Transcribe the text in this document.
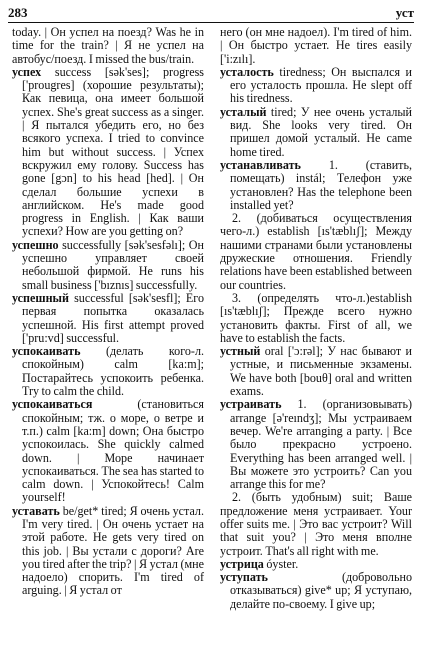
283	уст

today. | Он успел на поезд? Was he in time for the train? | Я не успел на автобус/поезд. I missed the bus/train.

успех success [sək'ses]; progress ['prougres] (хорошие результаты); Как певица, она имеет большой успех. She's great success as a singer. | Я пытался убедить его, но без всякого успеха. I tried to convince him but without success. | Успех вскружил ему голову. Success has gone [gɔn] to his head [hed]. | Он сделал большие успехи в английском. He's made good progress in English. | Как ваши успехи? How are you getting on?

успешно successfully [sək'sesfəlı]; Он успешно управляет своей небольшой фирмой. He runs his small business ['bıznıs] successfully.

успешный successful [sək'sesfl]; Его первая попытка оказалась успешной. His first attempt proved ['pru:vd] successful.

успокаивать (делать кого-л. спокойным) calm [ka:m]; Постарайтесь успокоить ребенка. Try to calm the child.

успокаиваться	(становиться спокойным; тж. о море, о ветре и т.п.) calm [ka:m] down; Она быстро успокоилась. She quickly calmed down. | Море начинает успокаиваться. The sea has started to calm down. | Успокойтесь! Calm yourself!

уставать be/get* tired; Я очень устал. I'm very tired. | Он очень устает на этой работе. He gets very tired on this job. | Вы устали с дороги? Are you tired after the trip? | Я устал (мне надоело) спорить. I'm tired of arguing. | Я устал от

него (он мне надоел). I'm tired of him. | Он быстро устает. He tires easily ['i:zılı].

усталость tiredness; Он выспался и его усталость прошла. He slept off his tiredness.

усталый tired; У нее очень усталый вид. She looks very tired. Он пришел домой усталый. He came home tired.

устанавливать 1. (ставить, помещать) instál; Телефон уже установлен? Has the telephone been installed yet?

2. (добиваться осуществления чего-л.) establish [ıs'tæblıʃ]; Между нашими странами были установлены дружеские отношения. Friendly relations have been established between our countries.

3. (определять что-л.)establish [ıs'tæblıʃ]; Прежде всего нужно установить факты. First of all, we have to establish the facts.

устный oral ['ɔ:rəl]; У нас бывают и устные, и письменные экзамены. We have both [bouθ] oral and written exams.

устраивать 1. (организовывать) arrange [ə'reındʒ]; Мы устраиваем вечер. We're arranging a party. | Все было прекрасно устроено. Everything has been arranged well. | Вы можете это устроить? Can you arrange this for me?

2. (быть удобным) suit; Ваше предложение меня устраивает. Your offer suits me. | Это вас устроит? Will that suit you? | Это меня вполне устроит. That's all right with me.

устрица óyster.

уступать	(добровольно отказываться) give* up; Я уступаю, делайте по-своему. I give up;
